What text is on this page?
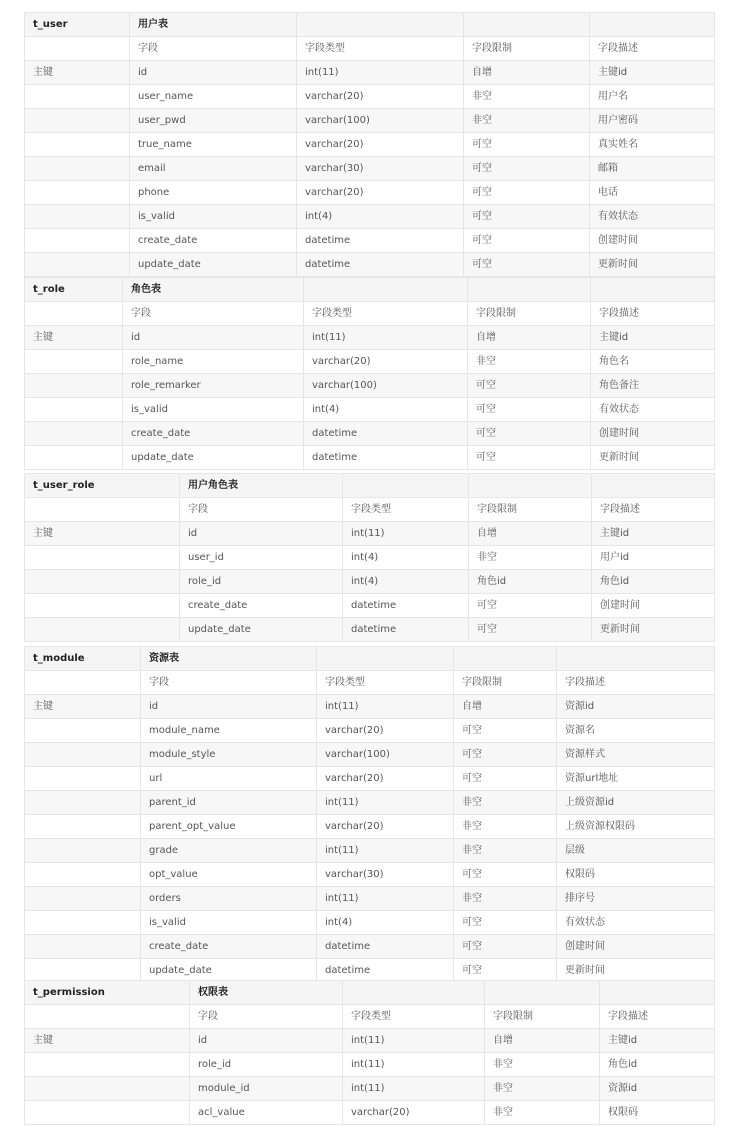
t_user	用户表			
	字段	字段类型	字段限制	字段描述
主键	id	int(11)	自增	主键id
	user_name	varchar(20)	非空	用户名
	user_pwd	varchar(100)	非空	用户密码
	true_name	varchar(20)	可空	真实姓名
	email	varchar(30)	可空	邮箱
	phone	varchar(20)	可空	电话
	is_valid	int(4)	可空	有效状态
	create_date	datetime	可空	创建时间
	update_date	datetime	可空	更新时间
t_role	角色表			
	字段	字段类型	字段限制	字段描述
主键	id	int(11)	自增	主键id
	role_name	varchar(20)	非空	角色名
	role_remarker	varchar(100)	可空	角色备注
	is_valid	int(4)	可空	有效状态
	create_date	datetime	可空	创建时间
	update_date	datetime	可空	更新时间
t_user_role	用户角色表			
	字段	字段类型	字段限制	字段描述
主键	id	int(11)	自增	主键id
	user_id	int(4)	非空	用户id
	role_id	int(4)	角色id	角色id
	create_date	datetime	可空	创建时间
	update_date	datetime	可空	更新时间
t_module	资源表			
	字段	字段类型	字段限制	字段描述
主键	id	int(11)	自增	资源id
	module_name	varchar(20)	可空	资源名
	module_style	varchar(100)	可空	资源样式
	url	varchar(20)	可空	资源url地址
	parent_id	int(11)	非空	上级资源id
	parent_opt_value	varchar(20)	非空	上级资源权限码
	grade	int(11)	非空	层级
	opt_value	varchar(30)	可空	权限码
	orders	int(11)	非空	排序号
	is_valid	int(4)	可空	有效状态
	create_date	datetime	可空	创建时间
	update_date	datetime	可空	更新时间
t_permission	权限表			
	字段	字段类型	字段限制	字段描述
主键	id	int(11)	自增	主键id
	role_id	int(11)	非空	角色id
	module_id	int(11)	非空	资源id
	acl_value	varchar(20)	非空	权限码
